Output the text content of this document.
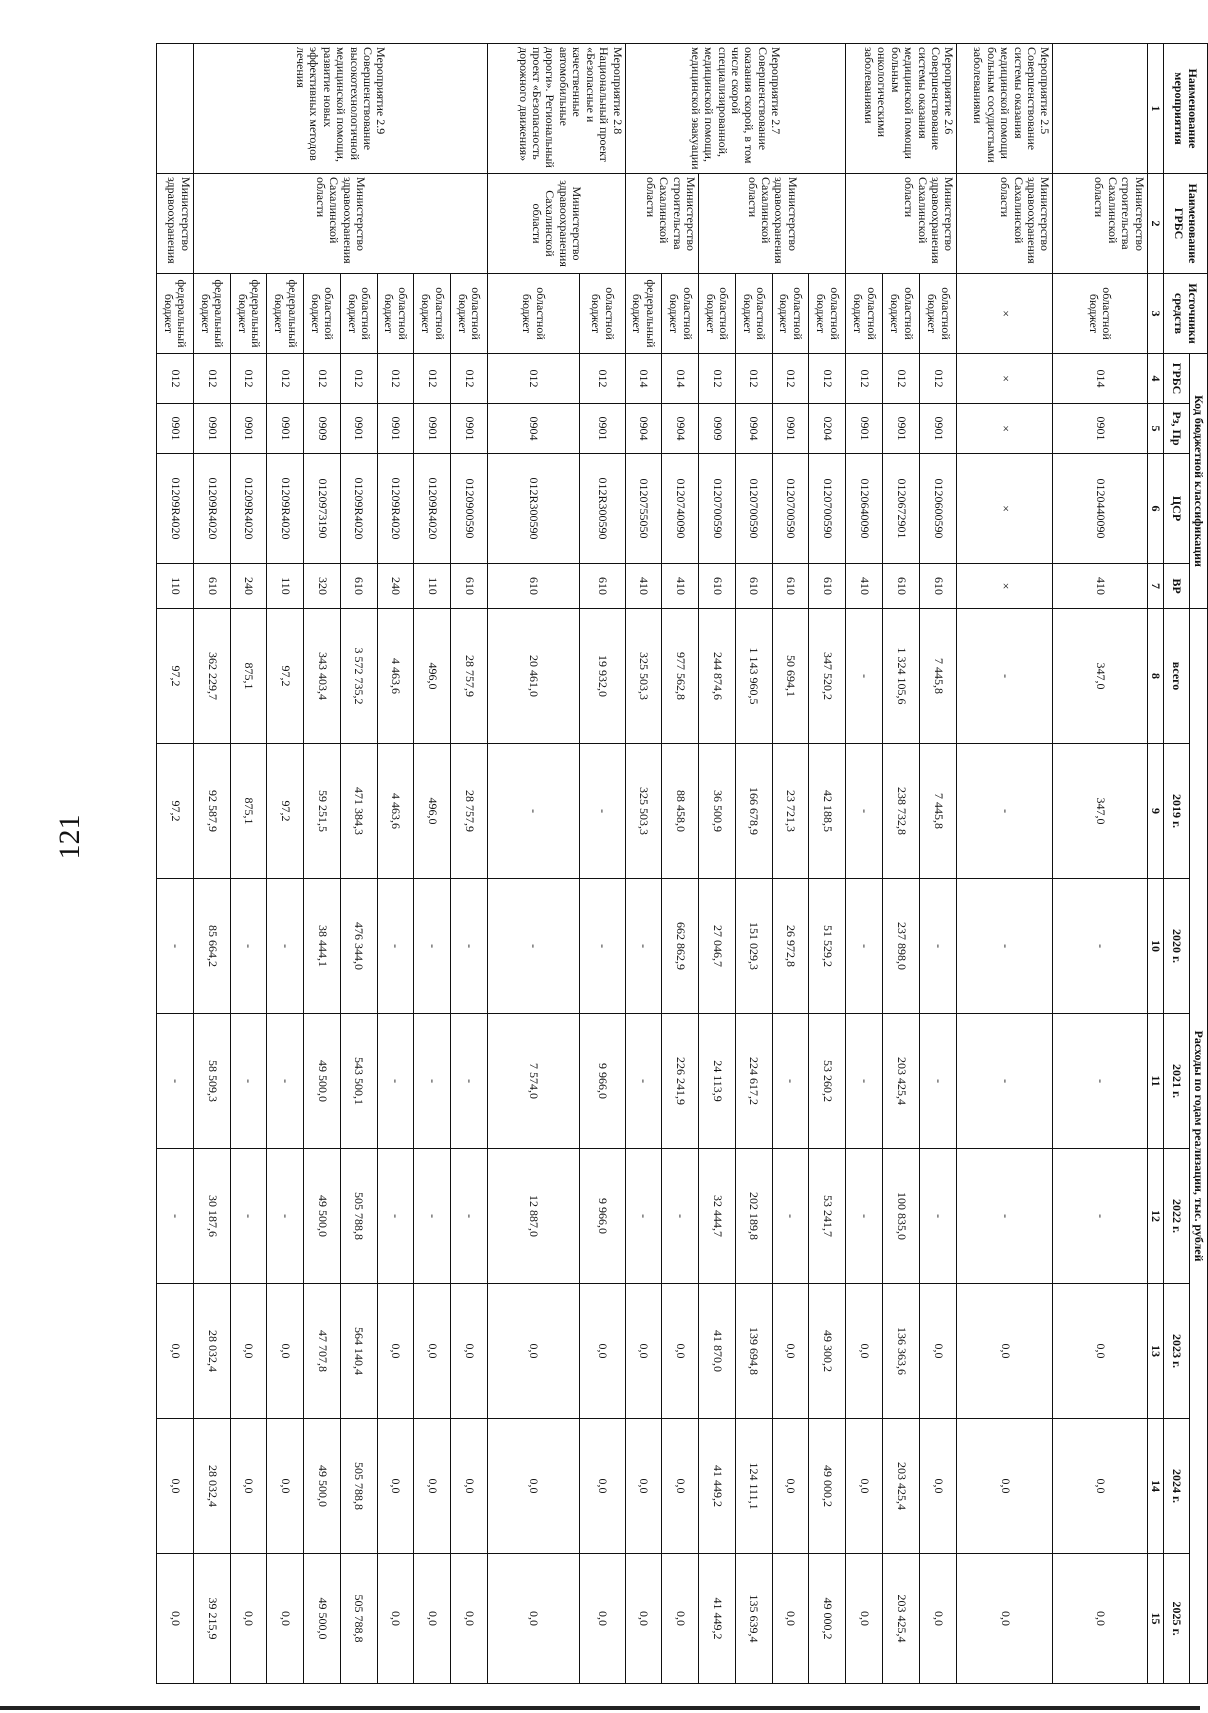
121
Наименование мероприятия	Наименование ГРБС	Источники средств	Код бюджетной классификации				Расходы по годам реализации, тыс. рублей							
			ГРБС	Рз, Пр	ЦСР	ВР	всего	2019 г.	2020 г.	2021 г.	2022 г.	2023 г.	2024 г.	2025 г.
1	2	3	4	5	6	7	8	9	10	11	12	13	14	15
	Министерство строительства Сахалинской области	областной бюджет	014	0901	0120440090	410	347,0	347,0	-	-	-	0,0	0,0	0,0
Мероприятие 2.5 Совершенствование системы оказания медицинской помощи больным сосудистыми заболеваниями	Министерство здравоохранения Сахалинской области	×	×	×	×	×	-	-	-	-	-	0,0	0,0	0,0
Мероприятие 2.6 Совершенствование системы оказания медицинской помощи больным онкологическими заболеваниями	Министерство здравоохранения Сахалинской области	областной бюджет	012	0901	0120600590	610	7 445,8	7 445,8	-	-	-	0,0	0,0	0,0
		областной бюджет	012	0901	0120672901	610	1 324 105,6	238 732,8	237 898,0	203 425,4	100 835,0	136 363,6	203 425,4	203 425,4
		областной бюджет	012	0901	0120640090	410	-	-	-	-	-	0,0	0,0	0,0
Мероприятие 2.7 Совершенствование оказания скорой, в том числе скорой специализированной, медицинской помощи, медицинской эвакуации	Министерство здравоохранения Сахалинской области	областной бюджет	012	0204	0120700590	610	347 520,2	42 188,5	51 529,2	53 260,2	53 241,7	49 300,2	49 000,2	49 000,2
		областной бюджет	012	0901	0120700590	610	50 694,1	23 721,3	26 972,8	-	-	0,0	0,0	0,0
		областной бюджет	012	0904	0120700590	610	1 143 960,5	166 678,9	151 029,3	224 617,2	202 189,8	139 694,8	124 111,1	135 639,4
		областной бюджет	012	0909	0120700590	610	244 874,6	36 500,9	27 046,7	24 113,9	32 444,7	41 870,0	41 449,2	41 449,2
	Министерство строительства Сахалинской области	областной бюджет	014	0904	0120740090	410	977 562,8	88 458,0	662 862,9	226 241,9	-	0,0	0,0	0,0
		федеральный бюджет	014	0904	0120755050	410	325 503,3	325 503,3	-	-	-	0,0	0,0	0,0
Мероприятие 2.8 Национальный проект «Безопасные и качественные автомобильные дороги». Региональный проект «Безопасность дорожного движения»	Министерство здравоохранения Сахалинской области	областной бюджет	012	0901	012R300590	610	19 932,0	-	-	9 966,0	9 966,0	0,0	0,0	0,0
		областной бюджет	012	0904	012R300590	610	20 461,0	-	-	7 574,0	12 887,0	0,0	0,0	0,0
Мероприятие 2.9 Совершенствование высокотехнологичной медицинской помощи, развитие новых эффективных методов лечения	Министерство здравоохранения Сахалинской области	областной бюджет	012	0901	0120900590	610	28 757,9	28 757,9	-	-	-	0,0	0,0	0,0
		областной бюджет	012	0901	01209R4020	110	496,0	496,0	-	-	-	0,0	0,0	0,0
		областной бюджет	012	0901	01209R4020	240	4 463,6	4 463,6	-	-	-	0,0	0,0	0,0
		областной бюджет	012	0901	01209R4020	610	3 572 735,2	471 384,3	476 344,0	543 500,1	505 788,8	564 140,4	505 788,8	505 788,8
		областной бюджет	012	0909	0120973190	320	343 403,4	59 251,5	38 444,1	49 500,0	49 500,0	47 707,8	49 500,0	49 500,0
		федеральный бюджет	012	0901	01209R4020	110	97,2	97,2	-	-	-	0,0	0,0	0,0
		федеральный бюджет	012	0901	01209R4020	240	875,1	875,1	-	-	-	0,0	0,0	0,0
		федеральный бюджет	012	0901	01209R4020	610	362 229,7	92 587,9	85 664,2	58 509,3	30 187,6	28 032,4	28 032,4	39 215,9
	Министерство здравоохранения	федеральный бюджет	012	0901	01209R4020	110	97,2	97,2	-	-	-	0,0	0,0	0,0
